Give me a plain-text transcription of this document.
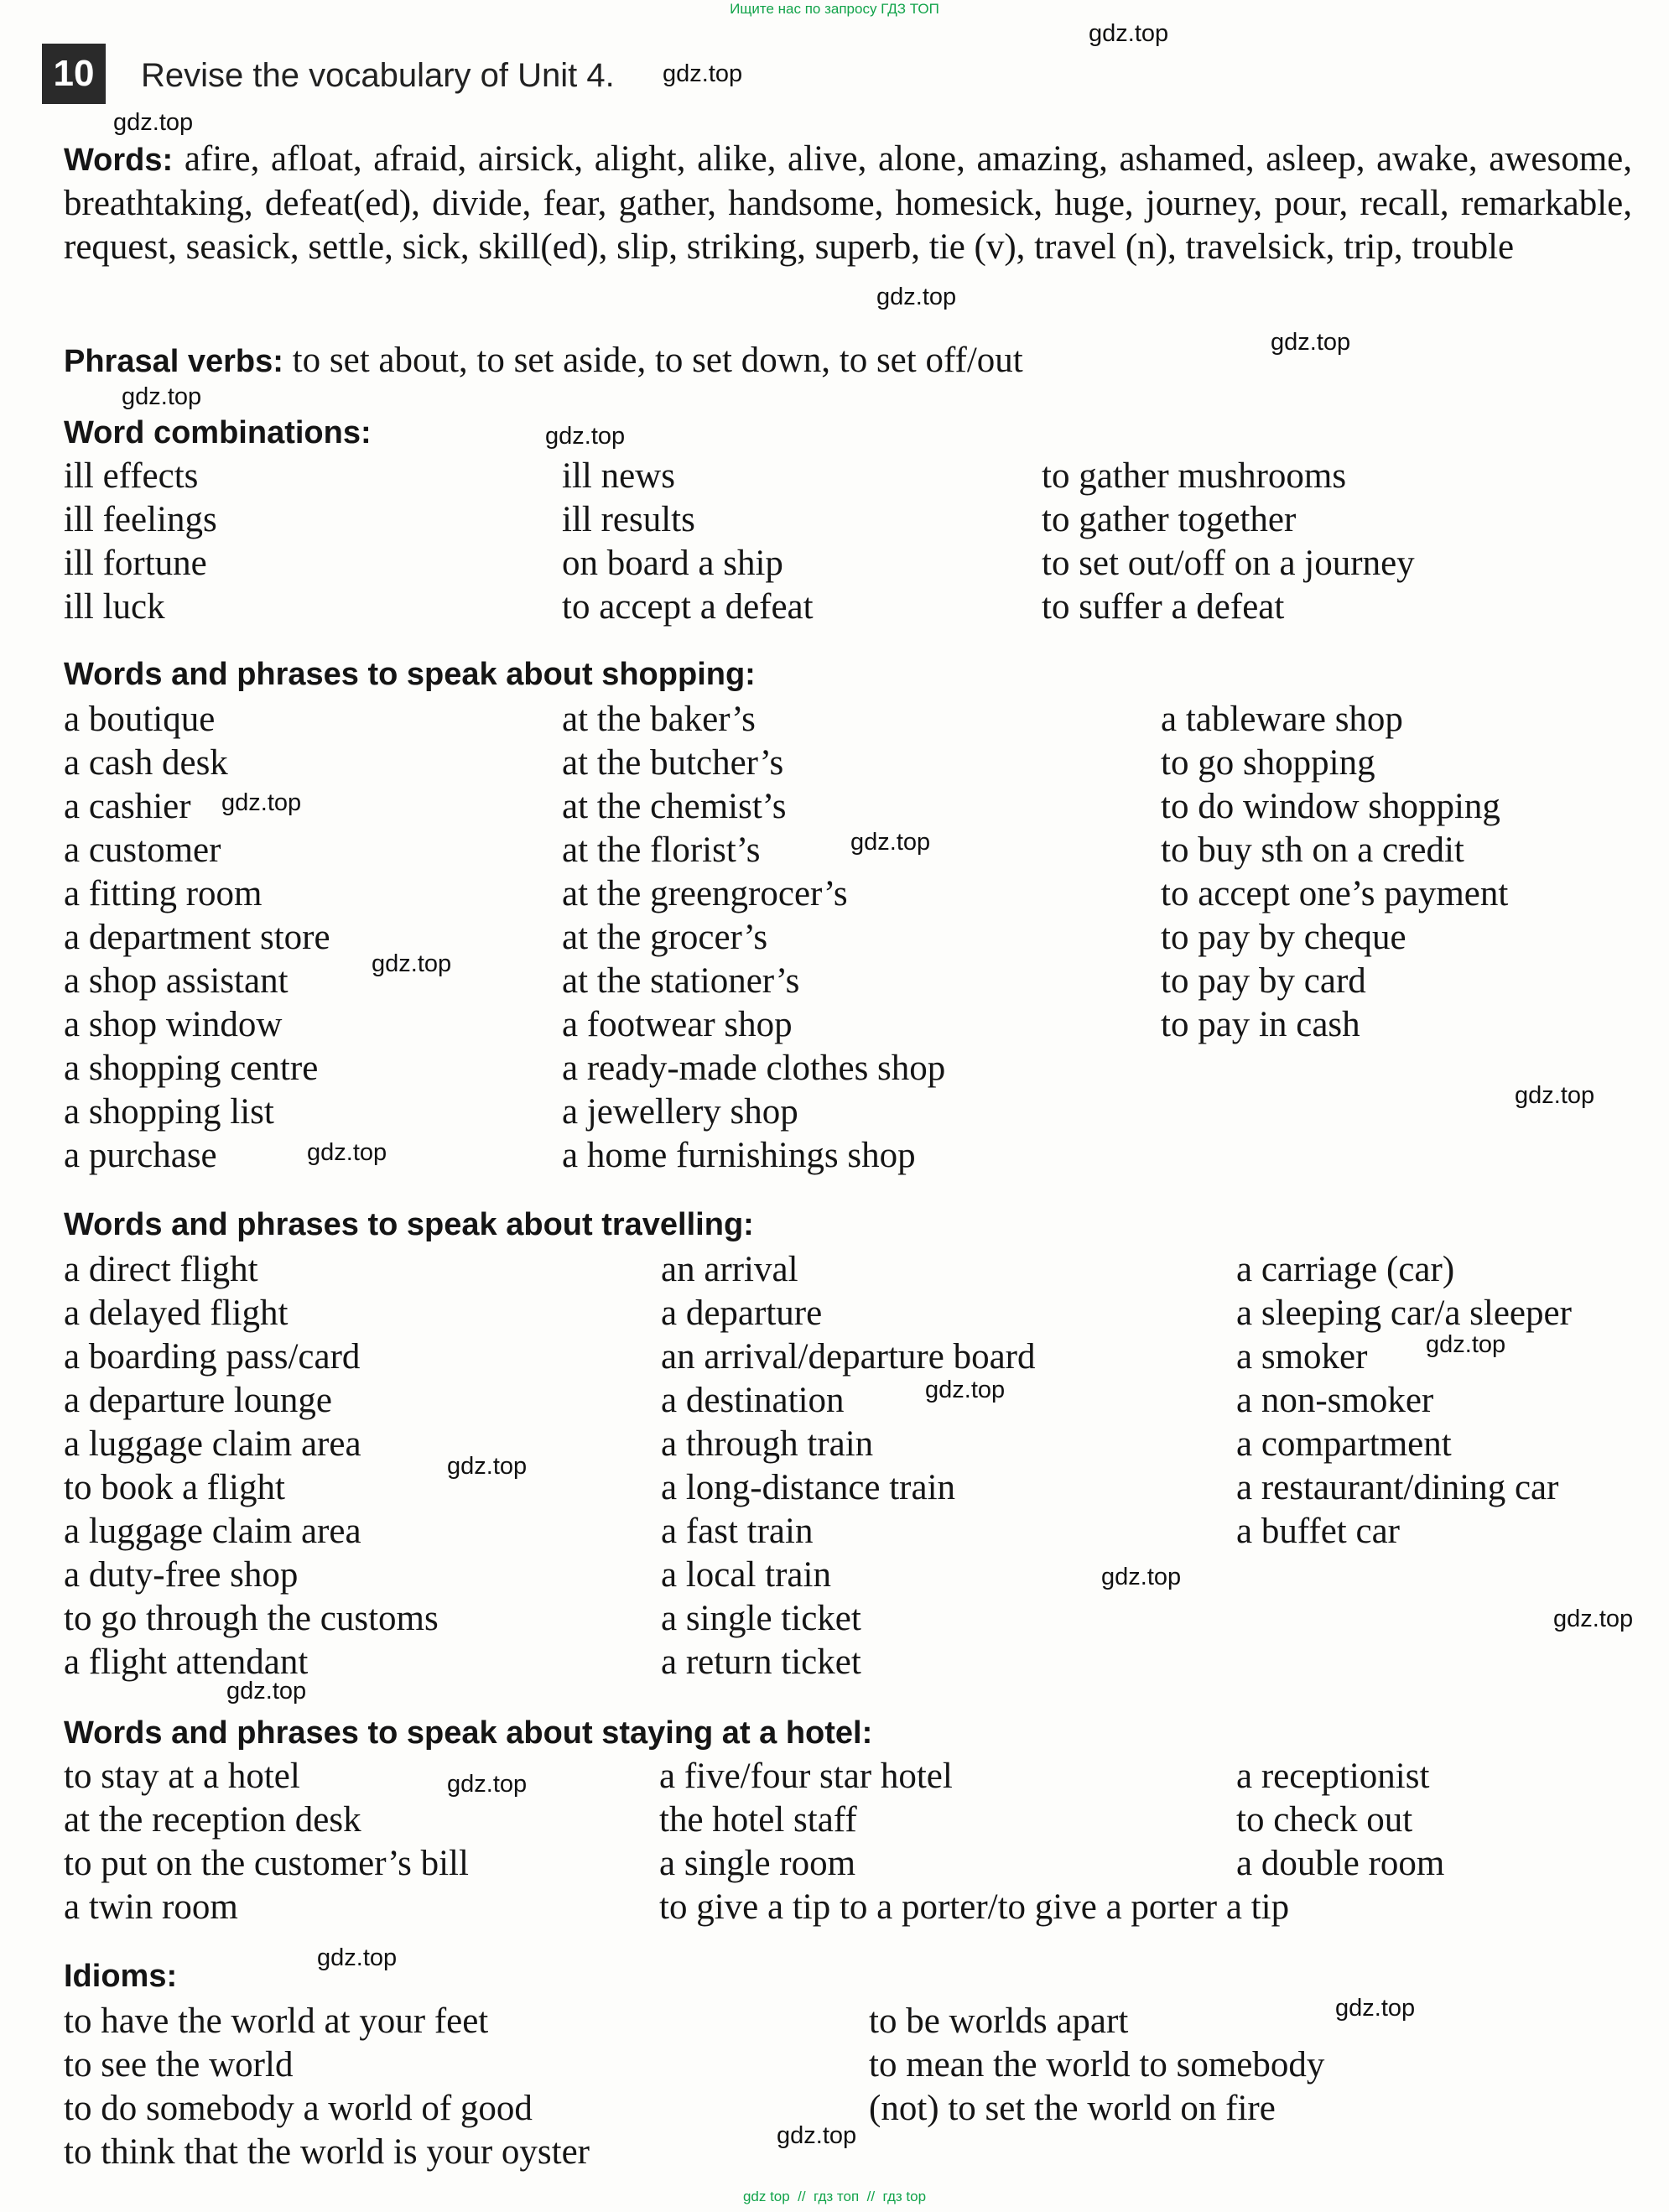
Ищите нас по запросу ГДЗ ТОП
10	Revise the vocabulary of Unit 4.
Words: afire, afloat, afraid, airsick, alight, alike, alive, alone, amazing, ashamed, asleep, awake, awesome, breathtaking, defeat(ed), divide, fear, gather, handsome, homesick, huge, journey, pour, recall, remarkable, request, seasick, settle, sick, skill(ed), slip, striking, superb, tie (v), travel (n), travelsick, trip, trouble
Phrasal verbs: to set about, to set aside, to set down, to set off/out
Word combinations:
ill effects	ill news	to gather mushrooms
ill feelings	ill results	to gather together
ill fortune	on board a ship	to set out/off on a journey
ill luck	to accept a defeat	to suffer a defeat
Words and phrases to speak about shopping:
a boutique	at the baker’s	a tableware shop
a cash desk	at the butcher’s	to go shopping
a cashier	at the chemist’s	to do window shopping
a customer	at the florist’s	to buy sth on a credit
a fitting room	at the greengrocer’s	to accept one’s payment
a department store	at the grocer’s	to pay by cheque
a shop assistant	at the stationer’s	to pay by card
a shop window	a footwear shop	to pay in cash
a shopping centre	a ready-made clothes shop
a shopping list	a jewellery shop
a purchase	a home furnishings shop
Words and phrases to speak about travelling:
a direct flight	an arrival	a carriage (car)
a delayed flight	a departure	a sleeping car/a sleeper
a boarding pass/card	an arrival/departure board	a smoker
a departure lounge	a destination	a non-smoker
a luggage claim area	a through train	a compartment
to book a flight	a long-distance train	a restaurant/dining car
a luggage claim area	a fast train	a buffet car
a duty-free shop	a local train
to go through the customs	a single ticket
a flight attendant	a return ticket
Words and phrases to speak about staying at a hotel:
to stay at a hotel	a five/four star hotel	a receptionist
at the reception desk	the hotel staff	to check out
to put on the customer’s bill	a single room	a double room
a twin room	to give a tip to a porter/to give a porter a tip
Idioms:
to have the world at your feet	to be worlds apart
to see the world	to mean the world to somebody
to do somebody a world of good	(not) to set the world on fire
to think that the world is your oyster
gdz.top
gdz.top
gdz.top
gdz.top
gdz.top
gdz.top
gdz.top
gdz.top
gdz.top
gdz.top
gdz.top
gdz.top
gdz.top
gdz.top
gdz.top
gdz.top
gdz.top
gdz.top
gdz.top
gdz.top
gdz.top
gdz.top
gdz top  //  гдз топ  //  гдз top
